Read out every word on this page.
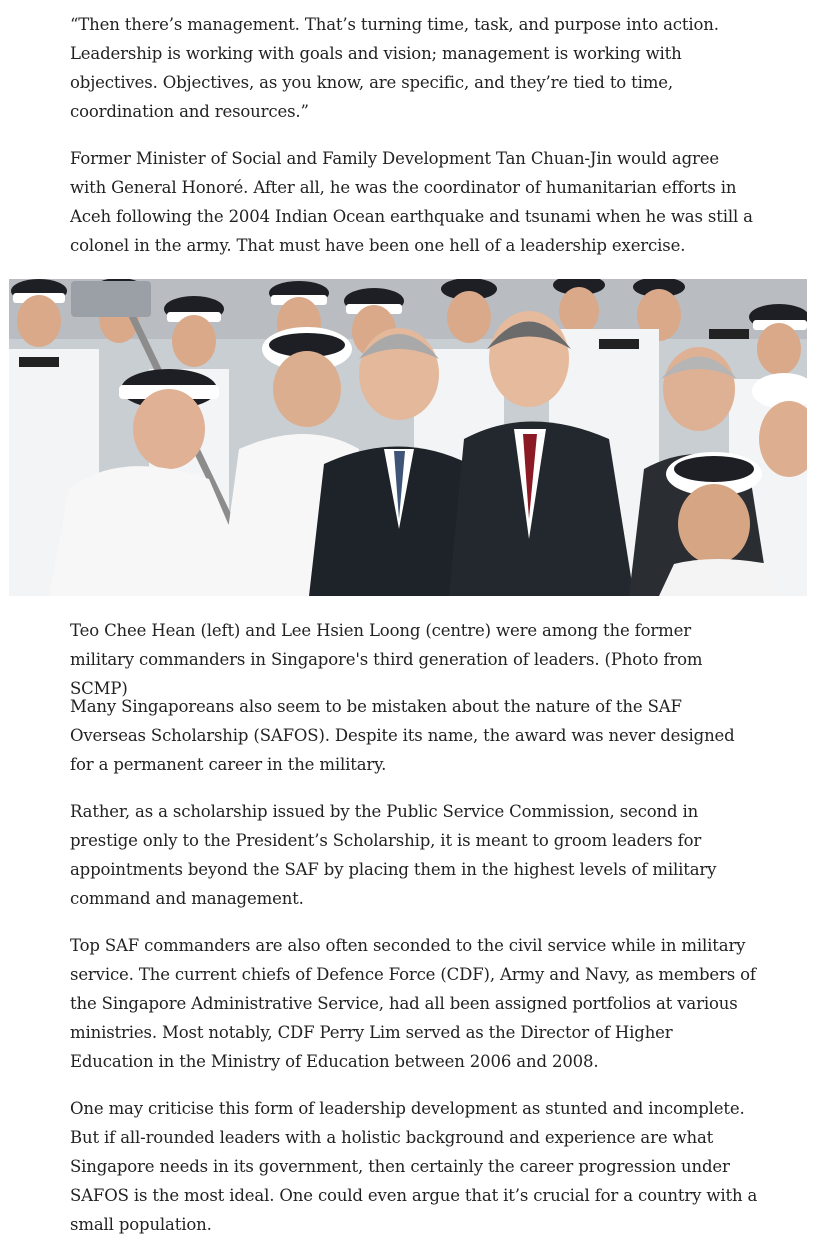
“Then there’s management. That’s turning time, task, and purpose into action. Leadership is working with goals and vision; management is working with objectives. Objectives, as you know, are specific, and they’re tied to time, coordination and resources.”

Former Minister of Social and Family Development Tan Chuan-Jin would agree with General Honoré. After all, he was the coordinator of humanitarian efforts in Aceh following the 2004 Indian Ocean earthquake and tsunami when he was still a colonel in the army. That must have been one hell of a leadership exercise.

Teo Chee Hean (left) and Lee Hsien Loong (centre) were among the former military commanders in Singapore's third generation of leaders. (Photo from SCMP)

Many Singaporeans also seem to be mistaken about the nature of the SAF Overseas Scholarship (SAFOS). Despite its name, the award was never designed for a permanent career in the military.

Rather, as a scholarship issued by the Public Service Commission, second in prestige only to the President’s Scholarship, it is meant to groom leaders for appointments beyond the SAF by placing them in the highest levels of military command and management.

Top SAF commanders are also often seconded to the civil service while in military service. The current chiefs of Defence Force (CDF), Army and Navy, as members of the Singapore Administrative Service, had all been assigned portfolios at various ministries. Most notably, CDF Perry Lim served as the Director of Higher Education in the Ministry of Education between 2006 and 2008.

One may criticise this form of leadership development as stunted and incomplete. But if all-rounded leaders with a holistic background and experience are what Singapore needs in its government, then certainly the career progression under SAFOS is the most ideal. One could even argue that it’s crucial for a country with a small population.
